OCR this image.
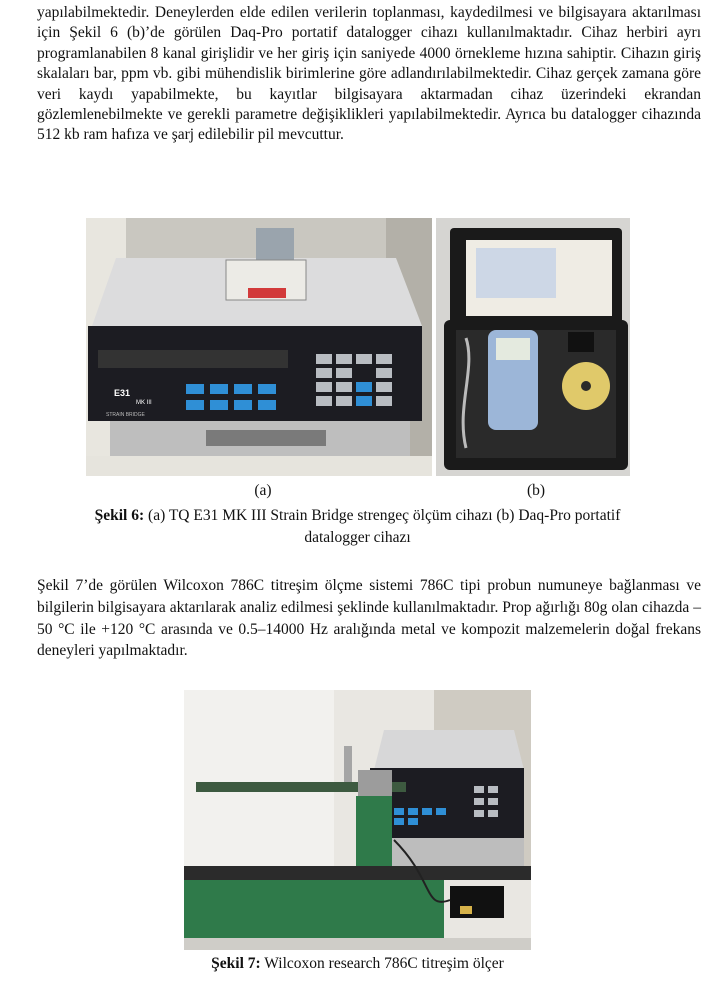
yapılabilmektedir. Deneylerden elde edilen verilerin toplanması, kaydedilmesi ve bilgisayara aktarılması için Şekil 6 (b)’de görülen Daq-Pro portatif datalogger cihazı kullanılmaktadır. Cihaz herbiri ayrı programlanabilen 8 kanal girişlidir ve her giriş için saniyede 4000 örnekleme hızına sahiptir. Cihazın giriş skalaları bar, ppm vb. gibi mühendislik birimlerine göre adlandırılabilmektedir. Cihaz gerçek zamana göre veri kaydı yapabilmekte, bu kayıtlar bilgisayara aktarmadan cihaz üzerindeki ekrandan gözlemlenebilmekte ve gerekli parametre değişiklikleri yapılabilmektedir. Ayrıca bu datalogger cihazında 512 kb ram hafıza ve şarj edilebilir pil mevcuttur.

E31
MK III
STRAIN BRIDGE
(a)	(b)

Şekil 6: (a) TQ E31 MK III Strain Bridge strengeç ölçüm cihazı (b) Daq-Pro portatif
datalogger cihazı

Şekil 7’de görülen Wilcoxon 786C titreşim ölçme sistemi 786C tipi probun numuneye bağlanması ve bilgilerin bilgisayara aktarılarak analiz edilmesi şeklinde kullanılmaktadır. Prop ağırlığı 80g olan cihazda –50 °C ile +120 °C arasında ve 0.5–14000 Hz aralığında metal ve kompozit malzemelerin doğal frekans deneyleri yapılmaktadır.

Şekil 7: Wilcoxon research 786C titreşim ölçer
